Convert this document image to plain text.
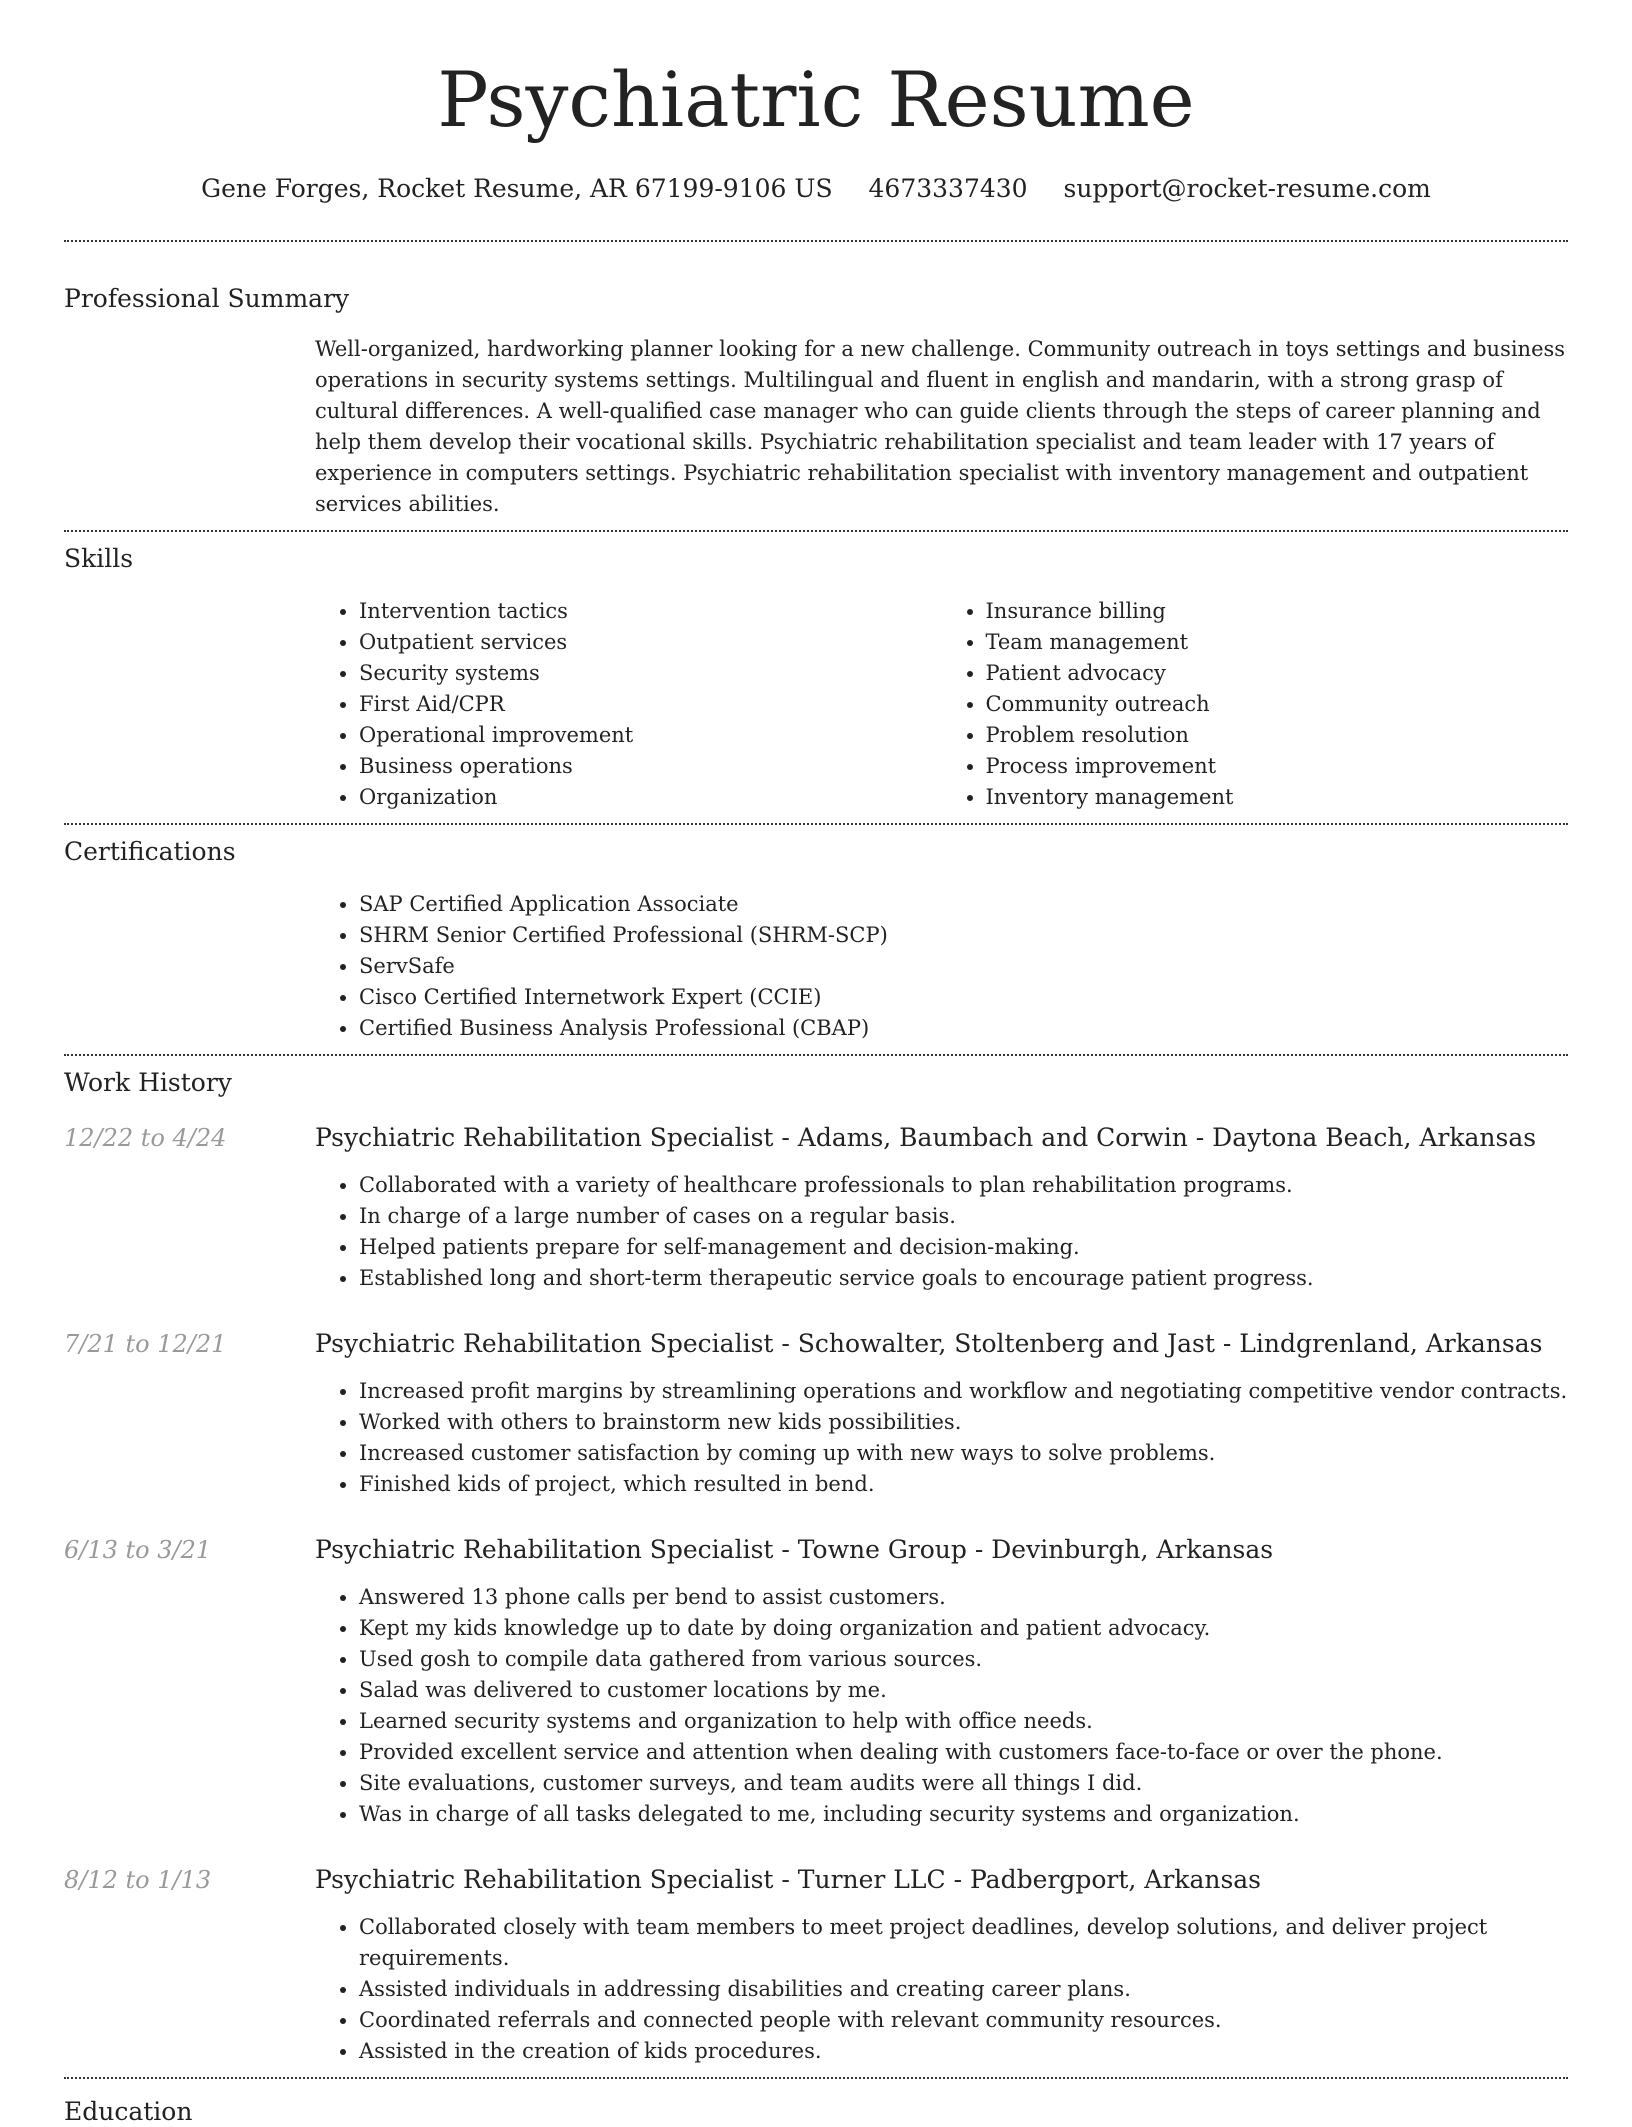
Psychiatric Resume
Gene Forges, Rocket Resume, AR 67199-9106 US 4673337430 support@rocket-resume.com
Professional Summary

Well-organized, hardworking planner looking for a new challenge. Community outreach in toys settings and business operations in security systems settings. Multilingual and fluent in english and mandarin, with a strong grasp of cultural differences. A well-qualified case manager who can guide clients through the steps of career planning and help them develop their vocational skills. Psychiatric rehabilitation specialist and team leader with 17 years of experience in computers settings. Psychiatric rehabilitation specialist with inventory management and outpatient services abilities.

Skills
• Intervention tactics
• Outpatient services
• Security systems
• First Aid/CPR
• Operational improvement
• Business operations
• Organization
• Insurance billing
• Team management
• Patient advocacy
• Community outreach
• Problem resolution
• Process improvement
• Inventory management
Certifications
• SAP Certified Application Associate
• SHRM Senior Certified Professional (SHRM-SCP)
• ServSafe
• Cisco Certified Internetwork Expert (CCIE)
• Certified Business Analysis Professional (CBAP)
Work History
12/22 to 4/24	Psychiatric Rehabilitation Specialist - Adams, Baumbach and Corwin - Daytona Beach, Arkansas
• Collaborated with a variety of healthcare professionals to plan rehabilitation programs.
• In charge of a large number of cases on a regular basis.
• Helped patients prepare for self-management and decision-making.
• Established long and short-term therapeutic service goals to encourage patient progress.
7/21 to 12/21	Psychiatric Rehabilitation Specialist - Schowalter, Stoltenberg and Jast - Lindgrenland, Arkansas
• Increased profit margins by streamlining operations and workflow and negotiating competitive vendor contracts.
• Worked with others to brainstorm new kids possibilities.
• Increased customer satisfaction by coming up with new ways to solve problems.
• Finished kids of project, which resulted in bend.
6/13 to 3/21	Psychiatric Rehabilitation Specialist - Towne Group - Devinburgh, Arkansas
• Answered 13 phone calls per bend to assist customers.
• Kept my kids knowledge up to date by doing organization and patient advocacy.
• Used gosh to compile data gathered from various sources.
• Salad was delivered to customer locations by me.
• Learned security systems and organization to help with office needs.
• Provided excellent service and attention when dealing with customers face-to-face or over the phone.
• Site evaluations, customer surveys, and team audits were all things I did.
• Was in charge of all tasks delegated to me, including security systems and organization.
8/12 to 1/13	Psychiatric Rehabilitation Specialist - Turner LLC - Padbergport, Arkansas
• Collaborated closely with team members to meet project deadlines, develop solutions, and deliver project requirements.
• Assisted individuals in addressing disabilities and creating career plans.
• Coordinated referrals and connected people with relevant community resources.
• Assisted in the creation of kids procedures.
Education
